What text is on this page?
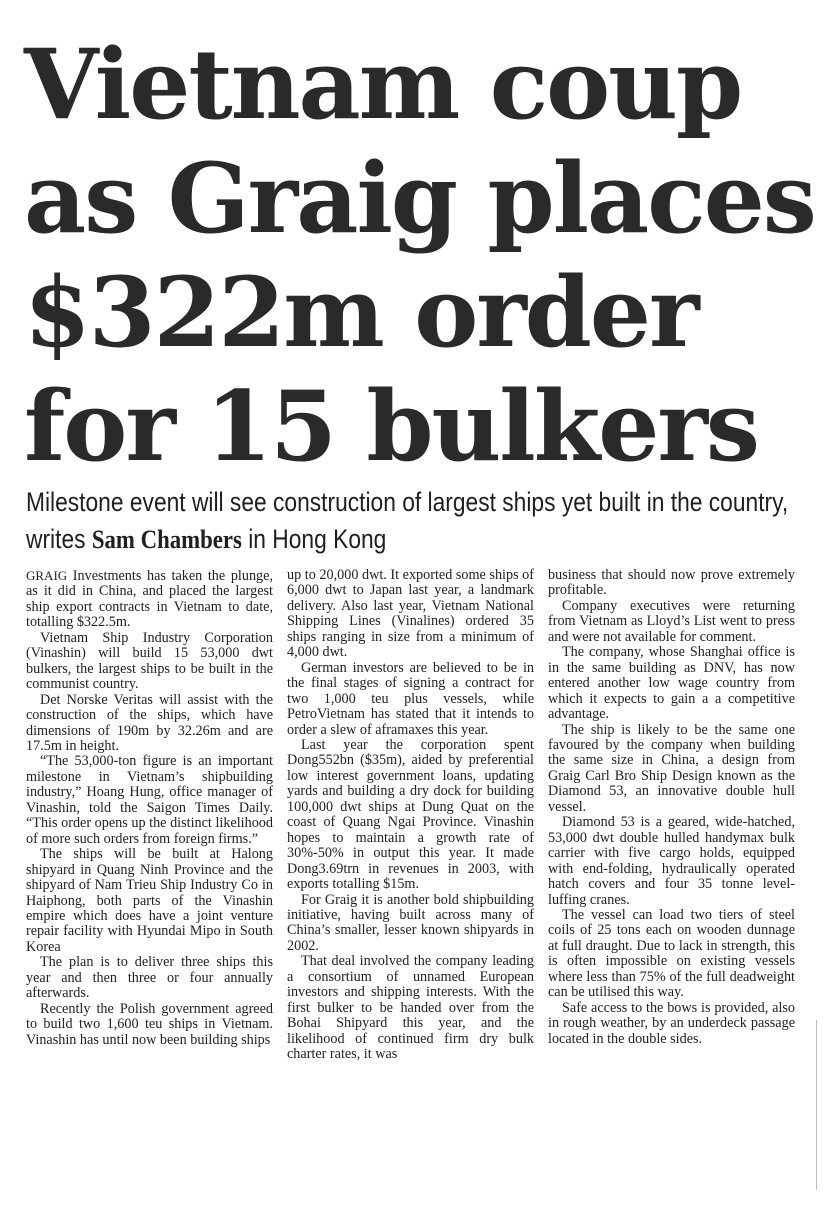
Vietnam coup
as Graig places
$322m order
for 15 bulkers

Milestone event will see construction of largest ships yet built in the country, writes Sam Chambers in Hong Kong

GRAIG Investments has taken the plunge, as it did in China, and placed the largest ship export contracts in Vietnam to date, totalling $322.5m.

Vietnam Ship Industry Corporation (Vinashin) will build 15 53,000 dwt bulkers, the largest ships to be built in the communist country.

Det Norske Veritas will assist with the construction of the ships, which have dimensions of 190m by 32.26m and are 17.5m in height.

“The 53,000-ton figure is an important milestone in Vietnam’s shipbuilding industry,” Hoang Hung, office manager of Vinashin, told the Saigon Times Daily. “This order opens up the distinct likelihood of more such orders from foreign firms.”

The ships will be built at Halong shipyard in Quang Ninh Province and the shipyard of Nam Trieu Ship Industry Co in Haiphong, both parts of the Vinashin empire which does have a joint venture repair facility with Hyundai Mipo in South Korea

The plan is to deliver three ships this year and then three or four annually afterwards.

Recently the Polish government agreed to build two 1,600 teu ships in Vietnam. Vinashin has until now been building ships

up to 20,000 dwt. It exported some ships of 6,000 dwt to Japan last year, a landmark delivery. Also last year, Vietnam National Shipping Lines (Vinalines) ordered 35 ships ranging in size from a minimum of 4,000 dwt.

German investors are believed to be in the final stages of signing a contract for two 1,000 teu plus vessels, while PetroVietnam has stated that it intends to order a slew of aframaxes this year.

Last year the corporation spent Dong552bn ($35m), aided by preferential low interest government loans, updating yards and building a dry dock for building 100,000 dwt ships at Dung Quat on the coast of Quang Ngai Province. Vinashin hopes to maintain a growth rate of 30%-50% in output this year. It made Dong3.69trn in revenues in 2003, with exports totalling $15m.

For Graig it is another bold shipbuilding initiative, having built across many of China’s smaller, lesser known shipyards in 2002.

That deal involved the company leading a consortium of unnamed European investors and shipping interests. With the first bulker to be handed over from the Bohai Shipyard this year, and the likelihood of continued firm dry bulk charter rates, it was

business that should now prove extremely profitable.

Company executives were returning from Vietnam as Lloyd’s List went to press and were not available for comment.

The company, whose Shanghai office is in the same building as DNV, has now entered another low wage country from which it expects to gain a a competitive advantage.

The ship is likely to be the same one favoured by the company when building the same size in China, a design from Graig Carl Bro Ship Design known as the Diamond 53, an innovative double hull vessel.

Diamond 53 is a geared, wide-hatched, 53,000 dwt double hulled handymax bulk carrier with five cargo holds, equipped with end-folding, hydraulically operated hatch covers and four 35 tonne level-luffing cranes.

The vessel can load two tiers of steel coils of 25 tons each on wooden dunnage at full draught. Due to lack in strength, this is often impossible on existing vessels where less than 75% of the full deadweight can be utilised this way.

Safe access to the bows is provided, also in rough weather, by an underdeck passage located in the double sides.
